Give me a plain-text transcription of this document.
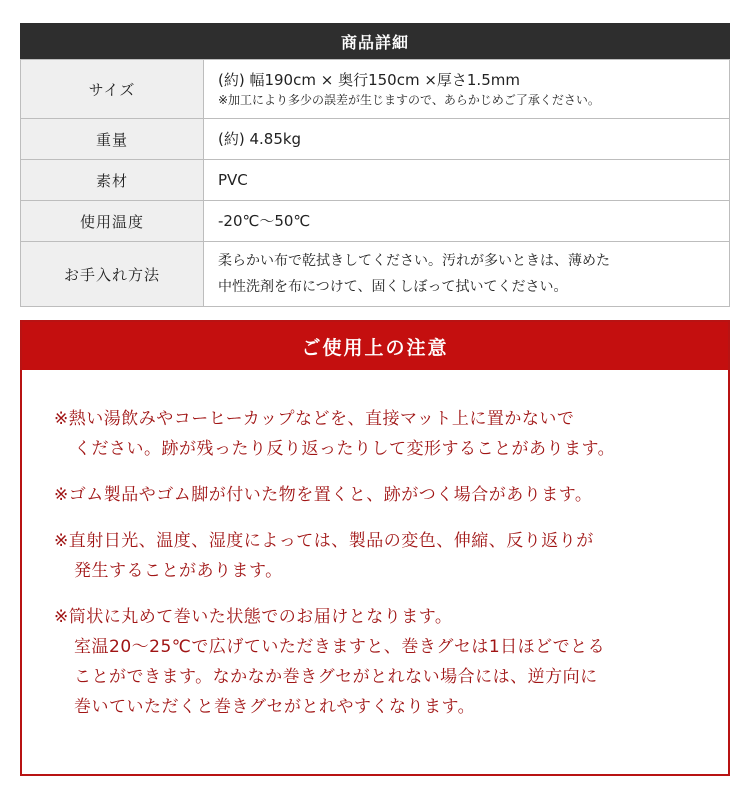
商品詳細
サイズ	(約) 幅190cm × 奥行150cm ×厚さ1.5mm
※加工により多少の誤差が生じますので、あらかじめご了承ください。

重量	(約) 4.85kg

素材	PVC

使用温度	-20℃〜50℃

お手入れ方法	柔らかい布で乾拭きしてください。汚れが多いときは、薄めた
中性洗剤を布につけて、固くしぼって拭いてください。
ご使用上の注意
※熱い湯飲みやコーヒーカップなどを、直接マット上に置かないで
ください。跡が残ったり反り返ったりして変形することがあります。
※ゴム製品やゴム脚が付いた物を置くと、跡がつく場合があります。
※直射日光、温度、湿度によっては、製品の変色、伸縮、反り返りが
発生することがあります。
※筒状に丸めて巻いた状態でのお届けとなります。
室温20〜25℃で広げていただきますと、巻きグセは1日ほどでとる
ことができます。なかなか巻きグセがとれない場合には、逆方向に
巻いていただくと巻きグセがとれやすくなります。
